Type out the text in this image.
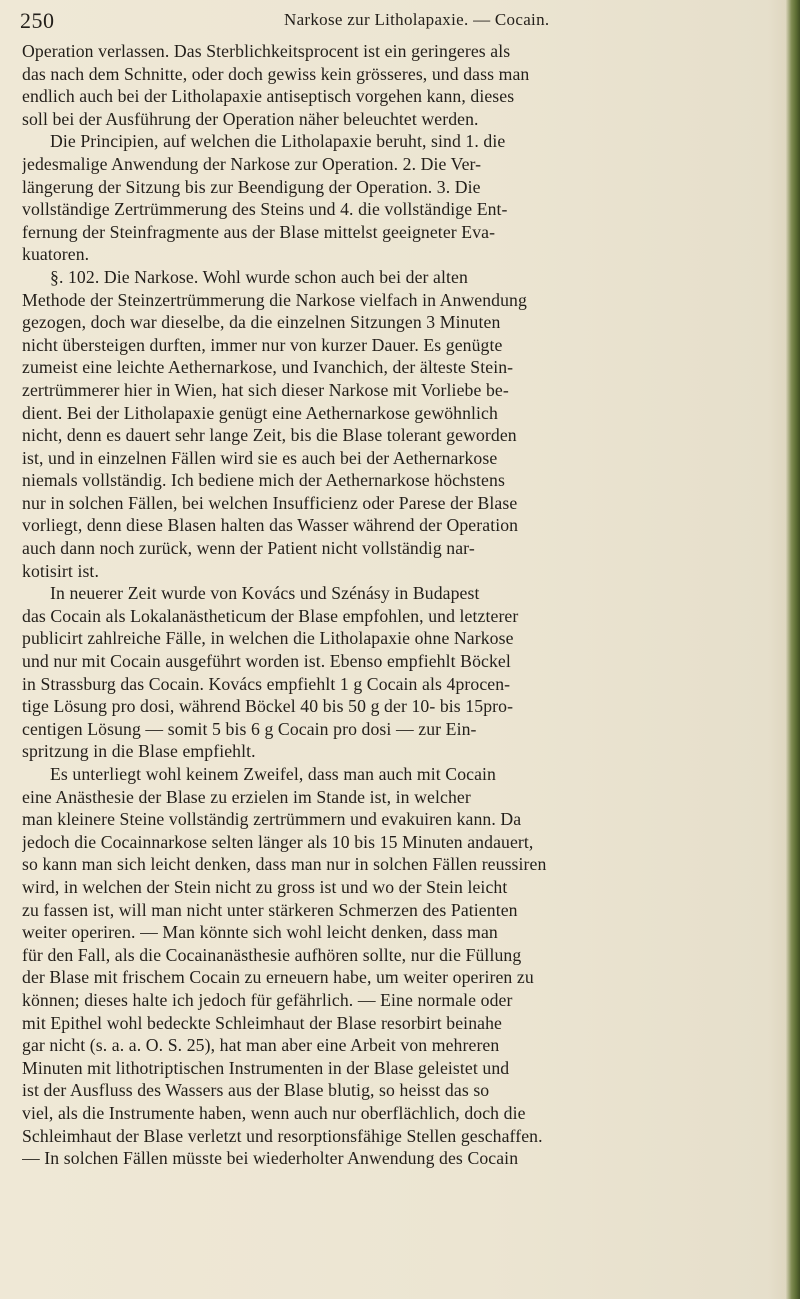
250	Narkose zur Litholapaxie. — Cocain.
Operation verlassen. Das Sterblichkeitsprocent ist ein geringeres als
das nach dem Schnitte, oder doch gewiss kein grösseres, und dass man
endlich auch bei der Litholapaxie antiseptisch vorgehen kann, dieses
soll bei der Ausführung der Operation näher beleuchtet werden.
Die Principien, auf welchen die Litholapaxie beruht, sind 1. die
jedesmalige Anwendung der Narkose zur Operation. 2. Die Ver-
längerung der Sitzung bis zur Beendigung der Operation. 3. Die
vollständige Zertrümmerung des Steins und 4. die vollständige Ent-
fernung der Steinfragmente aus der Blase mittelst geeigneter Eva-
kuatoren.
§. 102. Die Narkose. Wohl wurde schon auch bei der alten
Methode der Steinzertrümmerung die Narkose vielfach in Anwendung
gezogen, doch war dieselbe, da die einzelnen Sitzungen 3 Minuten
nicht übersteigen durften, immer nur von kurzer Dauer. Es genügte
zumeist eine leichte Aethernarkose, und Ivanchich, der älteste Stein-
zertrümmerer hier in Wien, hat sich dieser Narkose mit Vorliebe be-
dient. Bei der Litholapaxie genügt eine Aethernarkose gewöhnlich
nicht, denn es dauert sehr lange Zeit, bis die Blase tolerant geworden
ist, und in einzelnen Fällen wird sie es auch bei der Aethernarkose
niemals vollständig. Ich bediene mich der Aethernarkose höchstens
nur in solchen Fällen, bei welchen Insufficienz oder Parese der Blase
vorliegt, denn diese Blasen halten das Wasser während der Operation
auch dann noch zurück, wenn der Patient nicht vollständig nar-
kotisirt ist.
In neuerer Zeit wurde von Kovács und Szénásy in Budapest
das Cocain als Lokalanästheticum der Blase empfohlen, und letzterer
publicirt zahlreiche Fälle, in welchen die Litholapaxie ohne Narkose
und nur mit Cocain ausgeführt worden ist. Ebenso empfiehlt Böckel
in Strassburg das Cocain. Kovács empfiehlt 1 g Cocain als 4procen-
tige Lösung pro dosi, während Böckel 40 bis 50 g der 10- bis 15pro-
centigen Lösung — somit 5 bis 6 g Cocain pro dosi — zur Ein-
spritzung in die Blase empfiehlt.
Es unterliegt wohl keinem Zweifel, dass man auch mit Cocain
eine Anästhesie der Blase zu erzielen im Stande ist, in welcher
man kleinere Steine vollständig zertrümmern und evakuiren kann. Da
jedoch die Cocainnarkose selten länger als 10 bis 15 Minuten andauert,
so kann man sich leicht denken, dass man nur in solchen Fällen reussiren
wird, in welchen der Stein nicht zu gross ist und wo der Stein leicht
zu fassen ist, will man nicht unter stärkeren Schmerzen des Patienten
weiter operiren. — Man könnte sich wohl leicht denken, dass man
für den Fall, als die Cocainanästhesie aufhören sollte, nur die Füllung
der Blase mit frischem Cocain zu erneuern habe, um weiter operiren zu
können; dieses halte ich jedoch für gefährlich. — Eine normale oder
mit Epithel wohl bedeckte Schleimhaut der Blase resorbirt beinahe
gar nicht (s. a. a. O. S. 25), hat man aber eine Arbeit von mehreren
Minuten mit lithotriptischen Instrumenten in der Blase geleistet und
ist der Ausfluss des Wassers aus der Blase blutig, so heisst das so
viel, als die Instrumente haben, wenn auch nur oberflächlich, doch die
Schleimhaut der Blase verletzt und resorptionsfähige Stellen geschaffen.
— In solchen Fällen müsste bei wiederholter Anwendung des Cocain
